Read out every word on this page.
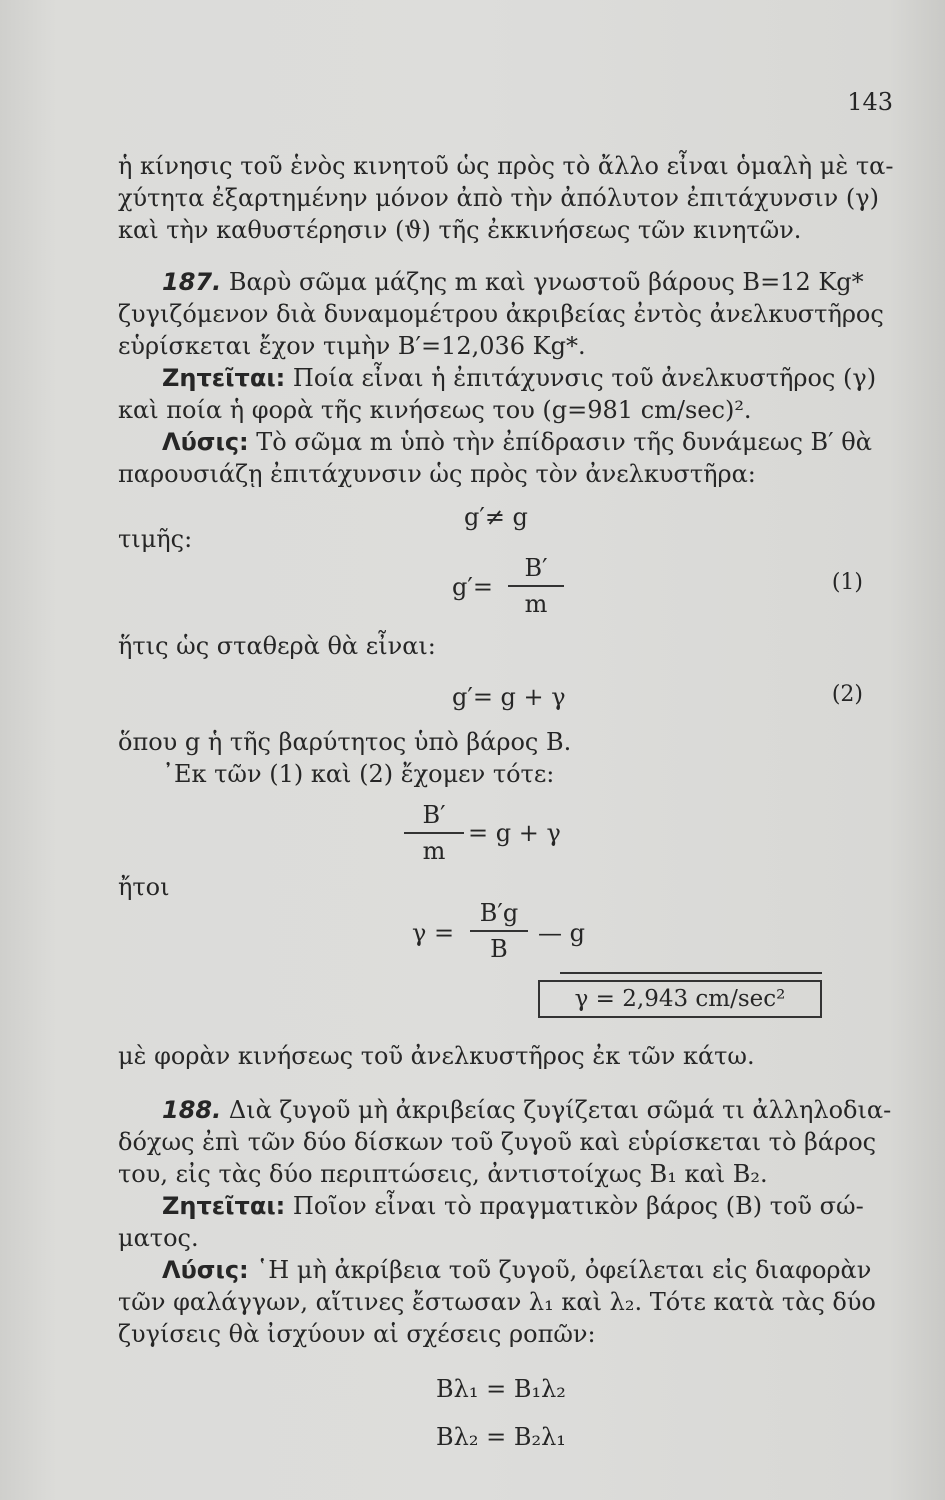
143
ἡ κίνησις τοῦ ἑνὸς κινητοῦ ὡς πρὸς τὸ ἄλλο εἶναι ὁμαλὴ μὲ τα-
χύτητα ἐξαρτημένην μόνον ἀπὸ τὴν ἀπόλυτον ἐπιτάχυνσιν (γ)
καὶ τὴν καθυστέρησιν (ϑ) τῆς ἐκκινήσεως τῶν κινητῶν.
187. Βαρὺ σῶμα μάζης m καὶ γνωστοῦ βάρους Β=12 Kg*
ζυγιζόμενον διὰ δυναμομέτρου ἀκριβείας ἐντὸς ἀνελκυστῆρος
εὑρίσκεται ἔχον τιμὴν Β′=12,036 Kg*.
Ζητεῖται: Ποία εἶναι ἡ ἐπιτάχυνσις τοῦ ἀνελκυστῆρος (γ)
καὶ ποία ἡ φορὰ τῆς κινήσεως του (g=981 cm/sec)².
Λύσις: Τὸ σῶμα m ὑπὸ τὴν ἐπίδρασιν τῆς δυνάμεως Β′ θὰ
παρουσιάζῃ ἐπιτάχυνσιν ὡς πρὸς τὸν ἀνελκυστῆρα:
g′≠ g
τιμῆς:
g′=
Β′
m
(1)
ἥτις ὡς σταθερὰ θὰ εἶναι:
g′= g + γ	(2)
ὅπου g ἡ τῆς βαρύτητος ὑπὸ βάρος Β.
᾿Εκ τῶν (1) καὶ (2) ἔχομεν τότε:
Β′
m
= g + γ
ἤτοι
γ =
Β′g
Β
— g
γ = 2,943 cm/sec²
μὲ φορὰν κινήσεως τοῦ ἀνελκυστῆρος ἐκ τῶν κάτω.
188. Διὰ ζυγοῦ μὴ ἀκριβείας ζυγίζεται σῶμά τι ἀλληλοδια-
δόχως ἐπὶ τῶν δύο δίσκων τοῦ ζυγοῦ καὶ εὑρίσκεται τὸ βάρος
του, εἰς τὰς δύο περιπτώσεις, ἀντιστοίχως Β₁ καὶ Β₂.
Ζητεῖται: Ποῖον εἶναι τὸ πραγματικὸν βάρος (Β) τοῦ σώ-
ματος.
Λύσις: ῾Η μὴ ἀκρίβεια τοῦ ζυγοῦ, ὀφείλεται εἰς διαφορὰν
τῶν φαλάγγων, αἵτινες ἔστωσαν λ₁ καὶ λ₂. Τότε κατὰ τὰς δύο
ζυγίσεις θὰ ἰσχύουν αἱ σχέσεις ροπῶν:
Βλ₁ = Β₁λ₂
Βλ₂ = Β₂λ₁
